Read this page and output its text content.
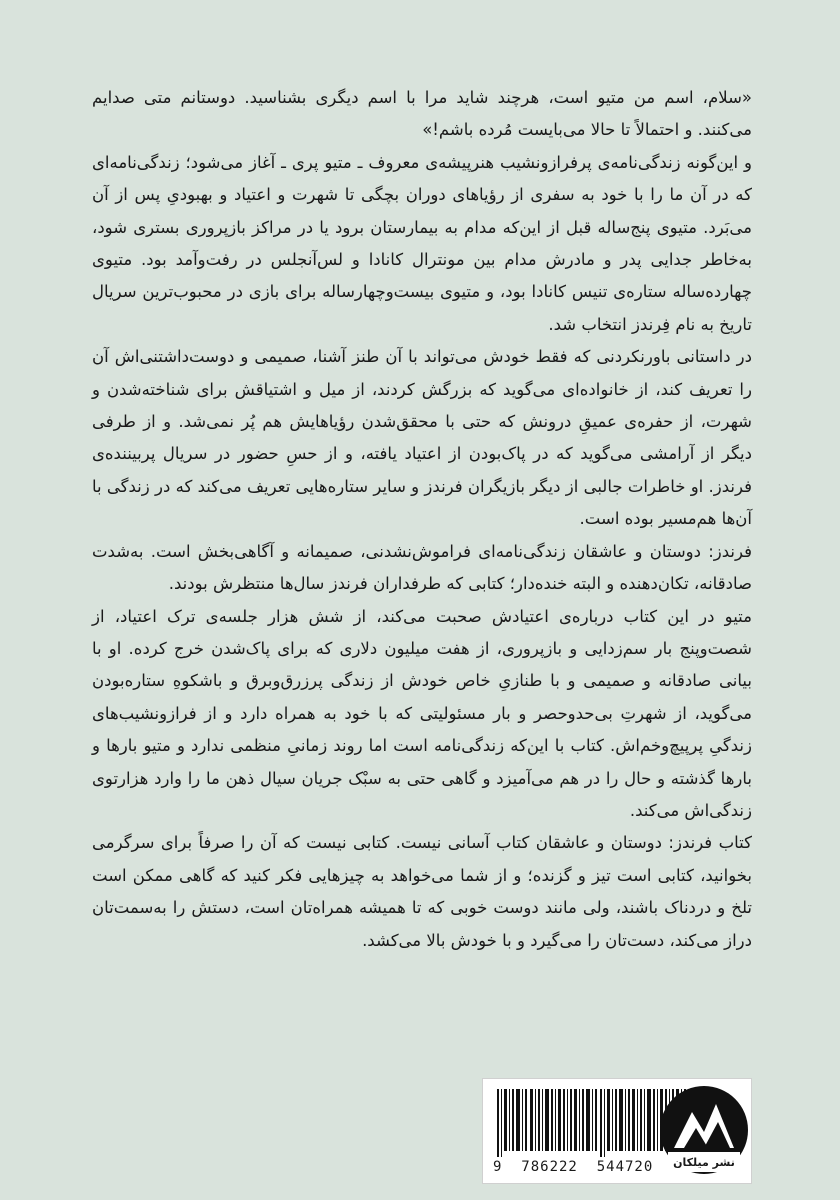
«سلام، اسم من متیو است، هرچند شاید مرا با اسم دیگری بشناسید. دوستانم متی صدایم می‌کنند. و احتمالاً تا حالا می‌بایست مُرده باشم!»

و این‌گونه زندگی‌نامه‌ی پرفرازونشیب هنرپیشه‌ی معروف ـ متیو پری ـ آغاز می‌شود؛ زندگی‌نامه‌ای که در آن ما را با خود به سفری از رؤیاهای دوران بچگی تا شهرت و اعتیاد و بهبودیِ پس از آن می‌بَرد. متیوی پنج‌ساله قبل از این‌که مدام به بیمارستان برود یا در مراکز بازپروری بستری شود، به‌خاطر جدایی پدر و مادرش مدام بین مونترال کانادا و لس‌آنجلس در رفت‌وآمد بود. متیوی چهارده‌ساله ستاره‌ی تنیس کانادا بود، و متیوی بیست‌وچهارساله برای بازی در محبوب‌ترین سریال تاریخ به نام فِرندز انتخاب شد.

در داستانی باورنکردنی که فقط خودش می‌تواند با آن طنز آشنا، صمیمی و دوست‌داشتنی‌اش آن را تعریف کند، از خانواده‌ای می‌گوید که بزرگش کردند، از میل و اشتیاقش برای شناخته‌شدن و شهرت، از حفره‌ی عمیقِ درونش که حتی با محقق‌شدن رؤیاهایش هم پُر نمی‌شد. و از طرفی دیگر از آرامشی می‌گوید که در پاک‌بودن از اعتیاد یافته، و از حسِ حضور در سریال پربیننده‌ی فرندز. او خاطرات جالبی از دیگر بازیگران فرندز و سایر ستاره‌هایی تعریف می‌کند که در زندگی با آن‌ها هم‌مسیر بوده است.

فرندز: دوستان و عاشقان زندگی‌نامه‌ای فراموش‌نشدنی، صمیمانه و آگاهی‌بخش است. به‌شدت صادقانه، تکان‌دهنده و البته خنده‌دار؛ کتابی که طرفداران فرندز سال‌ها منتظرش بودند.

متیو در این کتاب درباره‌ی اعتیادش صحبت می‌کند، از شش هزار جلسه‌ی ترک اعتیاد، از شصت‌وپنج بار سم‌زدایی و بازپروری، از هفت میلیون دلاری که برای پاک‌شدن خرج کرده. او با بیانی صادقانه و صمیمی و با طنازیِ خاص خودش از زندگی پرزرق‌وبرق و باشکوهِ ستاره‌بودن می‌گوید، از شهرتِ بی‌حدوحصر و بار مسئولیتی که با خود به همراه دارد و از فرازونشیب‌های زندگیِ پرپیچ‌وخم‌اش. کتاب با این‌که زندگی‌نامه است اما روند زمانیِ منظمی ندارد و متیو بارها و بارها گذشته و حال را در هم می‌آمیزد و گاهی حتی به سبْک جریان سیال ذهن ما را وارد هزارتوی زندگی‌اش می‌کند.

کتاب فرندز: دوستان و عاشقان کتاب آسانی نیست. کتابی نیست که آن را صرفاً برای سرگرمی بخوانید، کتابی است تیز و گزنده؛ و از شما می‌خواهد به چیزهایی فکر کنید که گاهی ممکن است تلخ و دردناک باشند، ولی مانند دوست خوبی که تا همیشه همراه‌تان است، دستش را به‌سمت‌تان دراز می‌کند، دست‌تان را می‌گیرد و با خودش بالا می‌کشد.

9  786222  544720	نشر میلکان
